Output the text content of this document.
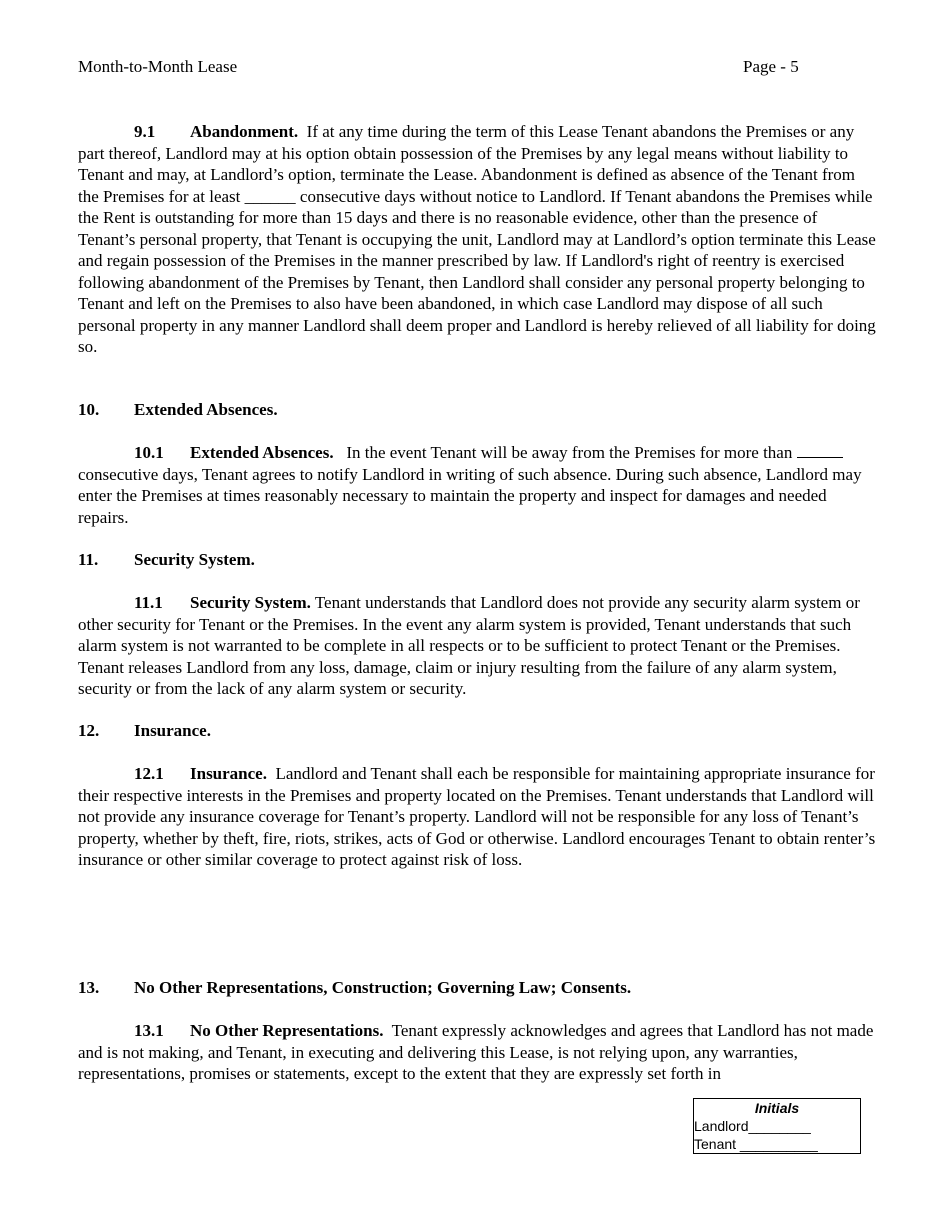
Month-to-Month Lease	Page - 5

9.1 Abandonment. If at any time during the term of this Lease Tenant abandons the Premises or any part thereof, Landlord may at his option obtain possession of the Premises by any legal means without liability to Tenant and may, at Landlord’s option, terminate the Lease. Abandonment is defined as absence of the Tenant from the Premises for at least ______ consecutive days without notice to Landlord. If Tenant abandons the Premises while the Rent is outstanding for more than 15 days and there is no reasonable evidence, other than the presence of Tenant’s personal property, that Tenant is occupying the unit, Landlord may at Landlord’s option terminate this Lease and regain possession of the Premises in the manner prescribed by law. If Landlord's right of reentry is exercised following abandonment of the Premises by Tenant, then Landlord shall consider any personal property belonging to Tenant and left on the Premises to also have been abandoned, in which case Landlord may dispose of all such personal property in any manner Landlord shall deem proper and Landlord is hereby relieved of all liability for doing so.

10. Extended Absences.

10.1 Extended Absences. In the event Tenant will be away from the Premises for more than consecutive days, Tenant agrees to notify Landlord in writing of such absence. During such absence, Landlord may enter the Premises at times reasonably necessary to maintain the property and inspect for damages and needed repairs.

11. Security System.

11.1 Security System. Tenant understands that Landlord does not provide any security alarm system or other security for Tenant or the Premises. In the event any alarm system is provided, Tenant understands that such alarm system is not warranted to be complete in all respects or to be sufficient to protect Tenant or the Premises. Tenant releases Landlord from any loss, damage, claim or injury resulting from the failure of any alarm system, security or from the lack of any alarm system or security.

12. Insurance.

12.1 Insurance. Landlord and Tenant shall each be responsible for maintaining appropriate insurance for their respective interests in the Premises and property located on the Premises. Tenant understands that Landlord will not provide any insurance coverage for Tenant’s property. Landlord will not be responsible for any loss of Tenant’s property, whether by theft, fire, riots, strikes, acts of God or otherwise. Landlord encourages Tenant to obtain renter’s insurance or other similar coverage to protect against risk of loss.

13. No Other Representations, Construction; Governing Law; Consents.

13.1 No Other Representations. Tenant expressly acknowledges and agrees that Landlord has not made and is not making, and Tenant, in executing and delivering this Lease, is not relying upon, any warranties, representations, promises or statements, except to the extent that they are expressly set forth in

Initials
Landlord________
Tenant __________
